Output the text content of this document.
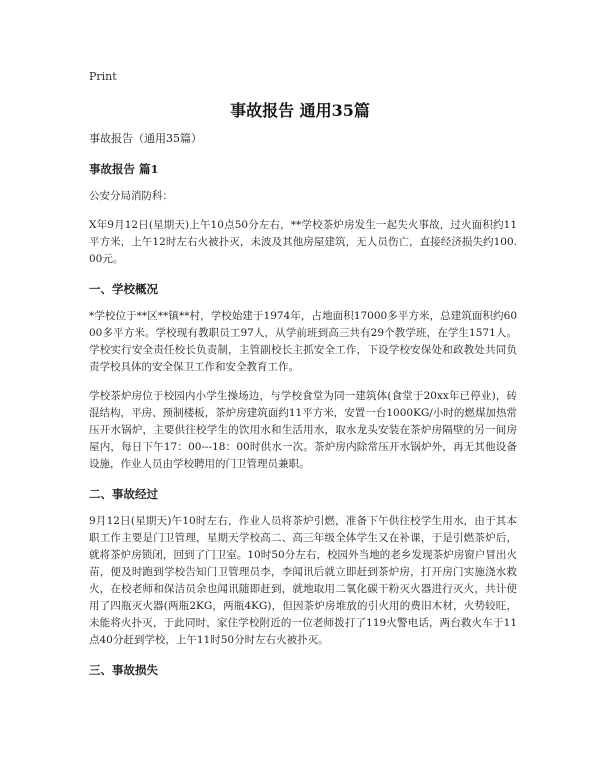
Print
事故报告 通用35篇

事故报告（通用35篇）

事故报告 篇1

公安分局消防科：

X年9月12日(星期天)上午10点50分左右，**学校茶炉房发生一起失火事故，过火面积约11平方米，上午12时左右火被扑灭，未波及其他房屋建筑，无人员伤亡，直接经济损失约100.00元。

一、学校概况

*学校位于**区**镇**村，学校始建于1974年，占地面积17000多平方米，总建筑面积约6000多平方米。学校现有教职员工97人，从学前班到高三共有29个教学班，在学生1571人。学校实行安全责任校长负责制，主管副校长主抓安全工作，下设学校安保处和政教处共同负责学校具体的安全保卫工作和安全教育工作。

学校茶炉房位于校园内小学生操场边，与学校食堂为同一建筑体(食堂于20xx年已停业)，砖混结构，平房、预制楼板，茶炉房建筑面约11平方米，安置一台1000KG/小时的燃煤加热常压开水锅炉，主要供往校学生的饮用水和生活用水，取水龙头安装在茶炉房隔壁的另一间房屋内，每日下午17：00---18：00时供水一次。茶炉房内除常压开水锅炉外，再无其他设备设施，作业人员由学校聘用的门卫管理员兼职。

二、事故经过

9月12日(星期天)午10时左右，作业人员将茶炉引燃，准备下午供往校学生用水，由于其本职工作主要是门卫管理，星期天学校高二、高三年级全体学生又在补课，于是引燃茶炉后，就将茶炉房锁闭，回到了门卫室。10时50分左右，校园外当地的老乡发现茶炉房窗户冒出火苗，便及时跑到学校告知门卫管理员李，李闻讯后就立即赶到茶炉房，打开房门实施浇水救火，在校老师和保洁员余也闻讯随即赶到，就地取用二氧化碳干粉灭火器进行灭火，共计使用了四瓶灭火器(两瓶2KG，两瓶4KG)，但因茶炉房堆放的引火用的费旧木材，火势较旺，未能将火扑灭，于此同时，家住学校附近的一位老师拨打了119火警电话，两台救火车于11点40分赶到学校，上午11时50分时左右火被扑灭。

三、事故损失
